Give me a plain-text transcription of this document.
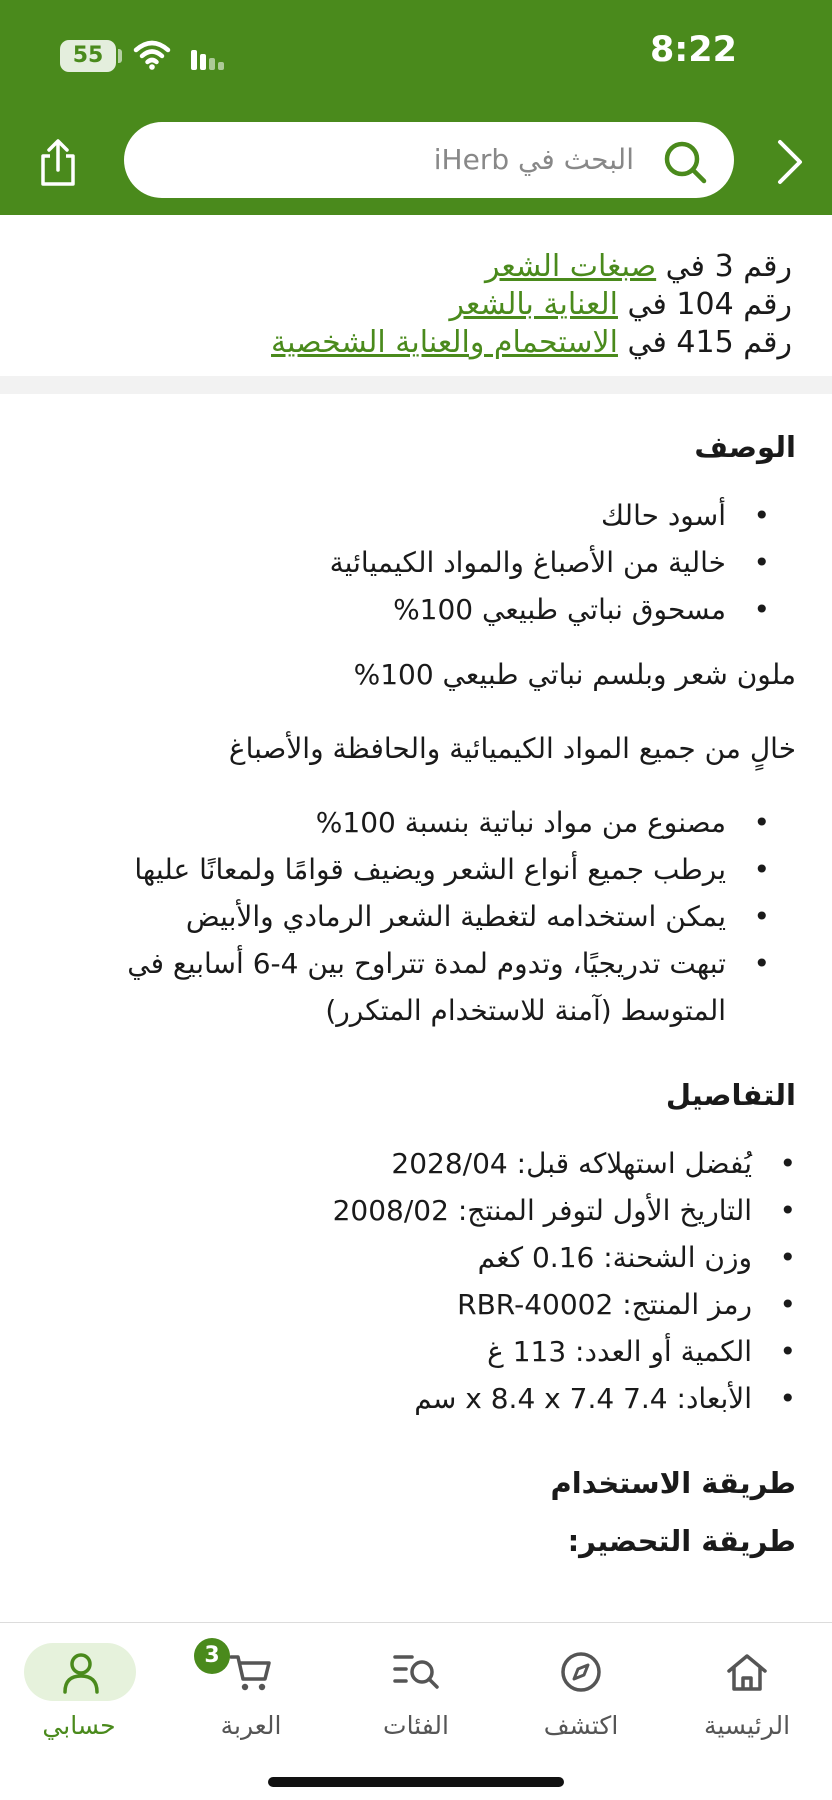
55	8:22
البحث في iHerb
رقم 3 في صبغات الشعر
رقم 104 في العناية بالشعر
رقم 415 في الاستحمام والعناية الشخصية
الوصف
• أسود حالك
• خالية من الأصباغ والمواد الكيميائية
• مسحوق نباتي طبيعي 100%
ملون شعر وبلسم نباتي طبيعي 100%
خالٍ من جميع المواد الكيميائية والحافظة والأصباغ
• مصنوع من مواد نباتية بنسبة 100%
• يرطب جميع أنواع الشعر ويضيف قوامًا ولمعانًا عليها
• يمكن استخدامه لتغطية الشعر الرمادي والأبيض
• تبهت تدريجيًا، وتدوم لمدة تتراوح بين 4-6 أسابيع في المتوسط (آمنة للاستخدام المتكرر)
التفاصيل
• يُفضل استهلاكه قبل: 2028/04
• التاريخ الأول لتوفر المنتج: 2008/02
• وزن الشحنة: 0.16 كغم
• رمز المنتج: RBR-40002
• الكمية أو العدد: 113 غ
• الأبعاد: 7.4 x 8.4 x 7.4 سم
طريقة الاستخدام
طريقة التحضير:
حسابي
3
العربة	الفئات	اكتشف	الرئيسية
